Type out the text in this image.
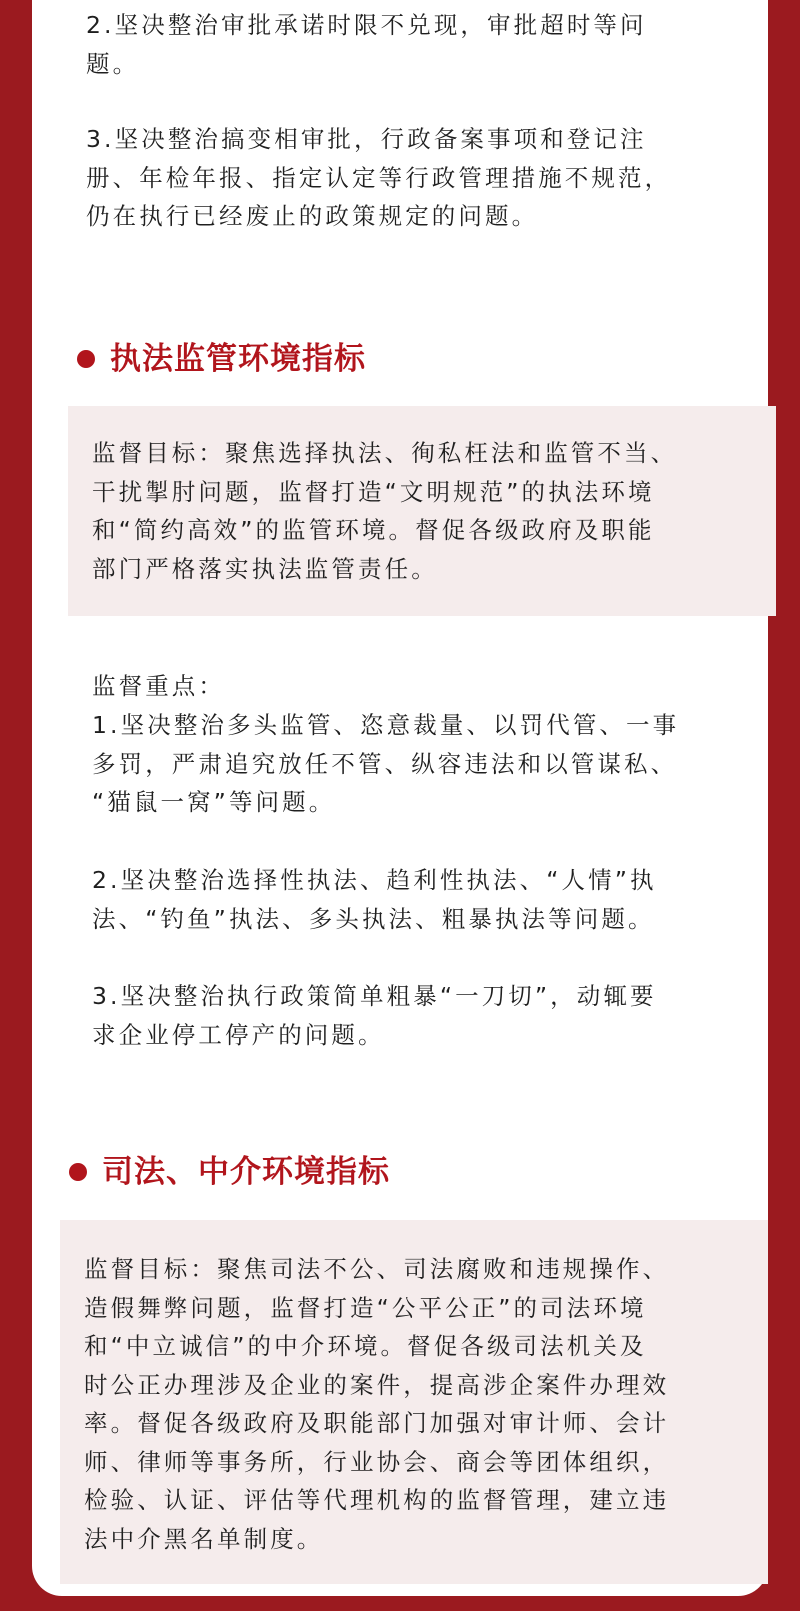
2.坚决整治审批承诺时限不兑现，审批超时等问
题。
3.坚决整治搞变相审批，行政备案事项和登记注
册、年检年报、指定认定等行政管理措施不规范，
仍在执行已经废止的政策规定的问题。
执法监管环境指标
监督目标：聚焦选择执法、徇私枉法和监管不当、
干扰掣肘问题，监督打造“文明规范”的执法环境
和“简约高效”的监管环境。督促各级政府及职能
部门严格落实执法监管责任。
监督重点：
1.坚决整治多头监管、恣意裁量、以罚代管、一事
多罚，严肃追究放任不管、纵容违法和以管谋私、
“猫鼠一窝”等问题。
2.坚决整治选择性执法、趋利性执法、“人情”执
法、“钓鱼”执法、多头执法、粗暴执法等问题。
3.坚决整治执行政策简单粗暴“一刀切”，动辄要
求企业停工停产的问题。
司法、中介环境指标
监督目标：聚焦司法不公、司法腐败和违规操作、
造假舞弊问题，监督打造“公平公正”的司法环境
和“中立诚信”的中介环境。督促各级司法机关及
时公正办理涉及企业的案件，提高涉企案件办理效
率。督促各级政府及职能部门加强对审计师、会计
师、律师等事务所，行业协会、商会等团体组织，
检验、认证、评估等代理机构的监督管理，建立违
法中介黑名单制度。
